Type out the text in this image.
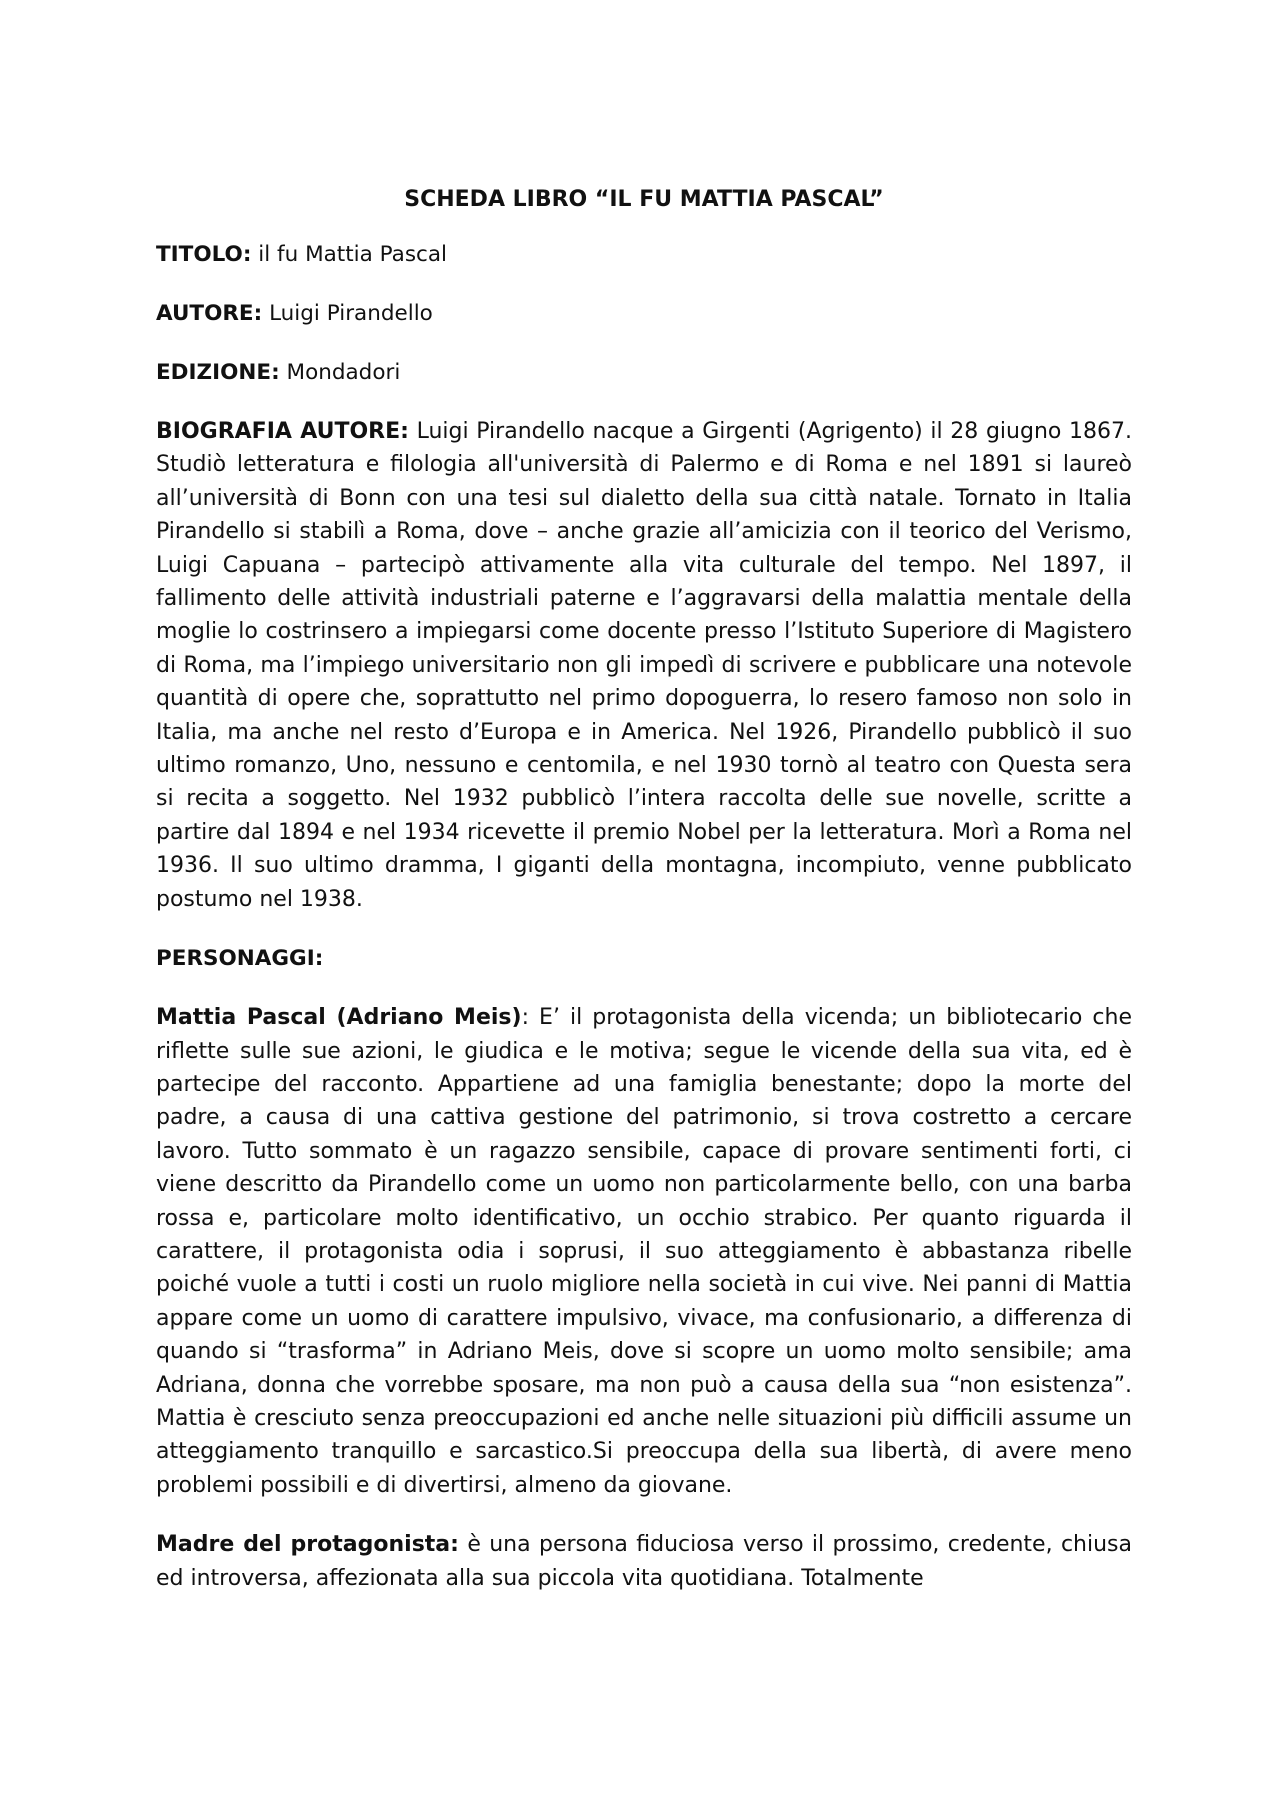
SCHEDA LIBRO “IL FU MATTIA PASCAL”

TITOLO: il fu Mattia Pascal

AUTORE: Luigi Pirandello

EDIZIONE: Mondadori

BIOGRAFIA AUTORE: Luigi Pirandello nacque a Girgenti (Agrigento) il 28 giugno 1867. Studiò letteratura e filologia all'università di Palermo e di Roma e nel 1891 si laureò all’università di Bonn con una tesi sul dialetto della sua città natale. Tornato in Italia Pirandello si stabilì a Roma, dove – anche grazie all’amicizia con il teorico del Verismo, Luigi Capuana – partecipò attivamente alla vita culturale del tempo. Nel 1897, il fallimento delle attività industriali paterne e l’aggravarsi della malattia mentale della moglie lo costrinsero a impiegarsi come docente presso l’Istituto Superiore di Magistero di Roma, ma l’impiego universitario non gli impedì di scrivere e pubblicare una notevole quantità di opere che, soprattutto nel primo dopoguerra, lo resero famoso non solo in Italia, ma anche nel resto d’Europa e in America. Nel 1926, Pirandello pubblicò il suo ultimo romanzo, Uno, nessuno e centomila, e nel 1930 tornò al teatro con Questa sera si recita a soggetto. Nel 1932 pubblicò l’intera raccolta delle sue novelle, scritte a partire dal 1894 e nel 1934 ricevette il premio Nobel per la letteratura. Morì a Roma nel 1936. Il suo ultimo dramma, I giganti della montagna, incompiuto, venne pubblicato postumo nel 1938.

PERSONAGGI:

Mattia Pascal (Adriano Meis): E’ il protagonista della vicenda; un bibliotecario che riflette sulle sue azioni, le giudica e le motiva; segue le vicende della sua vita, ed è partecipe del racconto. Appartiene ad una famiglia benestante; dopo la morte del padre, a causa di una cattiva gestione del patrimonio, si trova costretto a cercare lavoro. Tutto sommato è un ragazzo sensibile, capace di provare sentimenti forti, ci viene descritto da Pirandello come un uomo non particolarmente bello, con una barba rossa e, particolare molto identificativo, un occhio strabico. Per quanto riguarda il carattere, il protagonista odia i soprusi, il suo atteggiamento è abbastanza ribelle poiché vuole a tutti i costi un ruolo migliore nella società in cui vive. Nei panni di Mattia appare come un uomo di carattere impulsivo, vivace, ma confusionario, a differenza di quando si “trasforma” in Adriano Meis, dove si scopre un uomo molto sensibile; ama Adriana, donna che vorrebbe sposare, ma non può a causa della sua “non esistenza”. Mattia è cresciuto senza preoccupazioni ed anche nelle situazioni più difficili assume un atteggiamento tranquillo e sarcastico.Si preoccupa della sua libertà, di avere meno problemi possibili e di divertirsi, almeno da giovane.

Madre del protagonista: è una persona fiduciosa verso il prossimo, credente, chiusa ed introversa, affezionata alla sua piccola vita quotidiana. Totalmente
